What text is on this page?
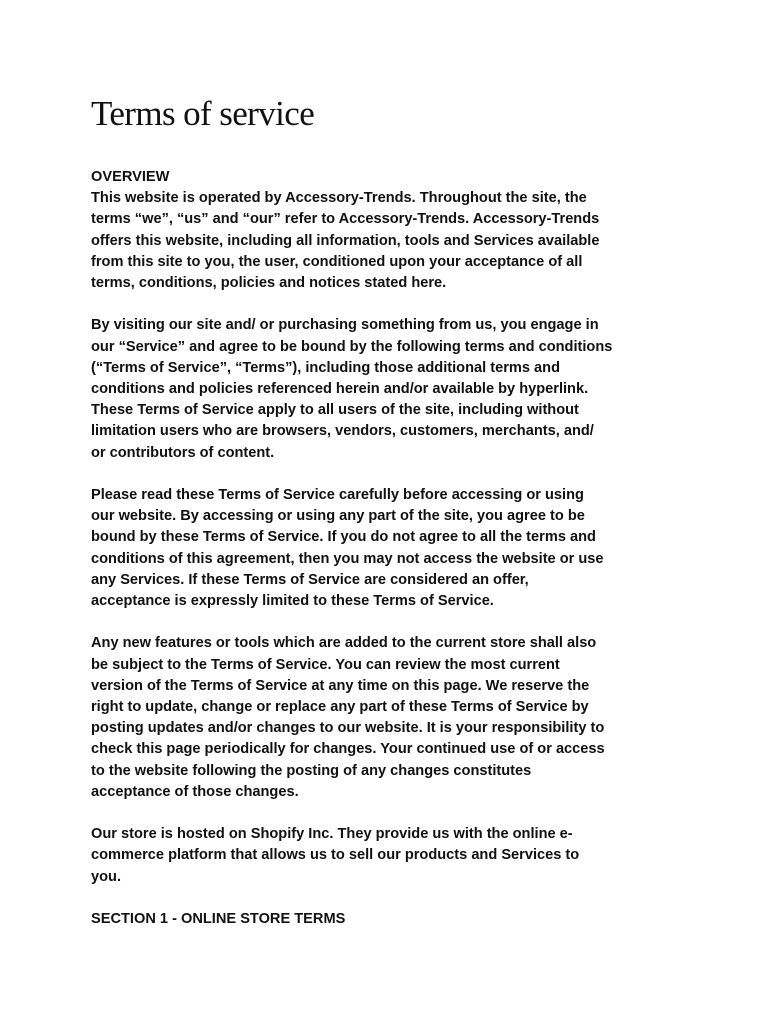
Terms of service
OVERVIEW

This website is operated by Accessory-Trends. Throughout the site, the

terms “we”, “us” and “our” refer to Accessory-Trends. Accessory-Trends

offers this website, including all information, tools and Services available

from this site to you, the user, conditioned upon your acceptance of all

terms, conditions, policies and notices stated here.

By visiting our site and/ or purchasing something from us, you engage in

our “Service” and agree to be bound by the following terms and conditions

(“Terms of Service”, “Terms”), including those additional terms and

conditions and policies referenced herein and/or available by hyperlink.

These Terms of Service apply to all users of the site, including without

limitation users who are browsers, vendors, customers, merchants, and/

or contributors of content.

Please read these Terms of Service carefully before accessing or using

our website. By accessing or using any part of the site, you agree to be

bound by these Terms of Service. If you do not agree to all the terms and

conditions of this agreement, then you may not access the website or use

any Services. If these Terms of Service are considered an offer,

acceptance is expressly limited to these Terms of Service.

Any new features or tools which are added to the current store shall also

be subject to the Terms of Service. You can review the most current

version of the Terms of Service at any time on this page. We reserve the

right to update, change or replace any part of these Terms of Service by

posting updates and/or changes to our website. It is your responsibility to

check this page periodically for changes. Your continued use of or access

to the website following the posting of any changes constitutes

acceptance of those changes.

Our store is hosted on Shopify Inc. They provide us with the online e-

commerce platform that allows us to sell our products and Services to

you.

SECTION 1 - ONLINE STORE TERMS
